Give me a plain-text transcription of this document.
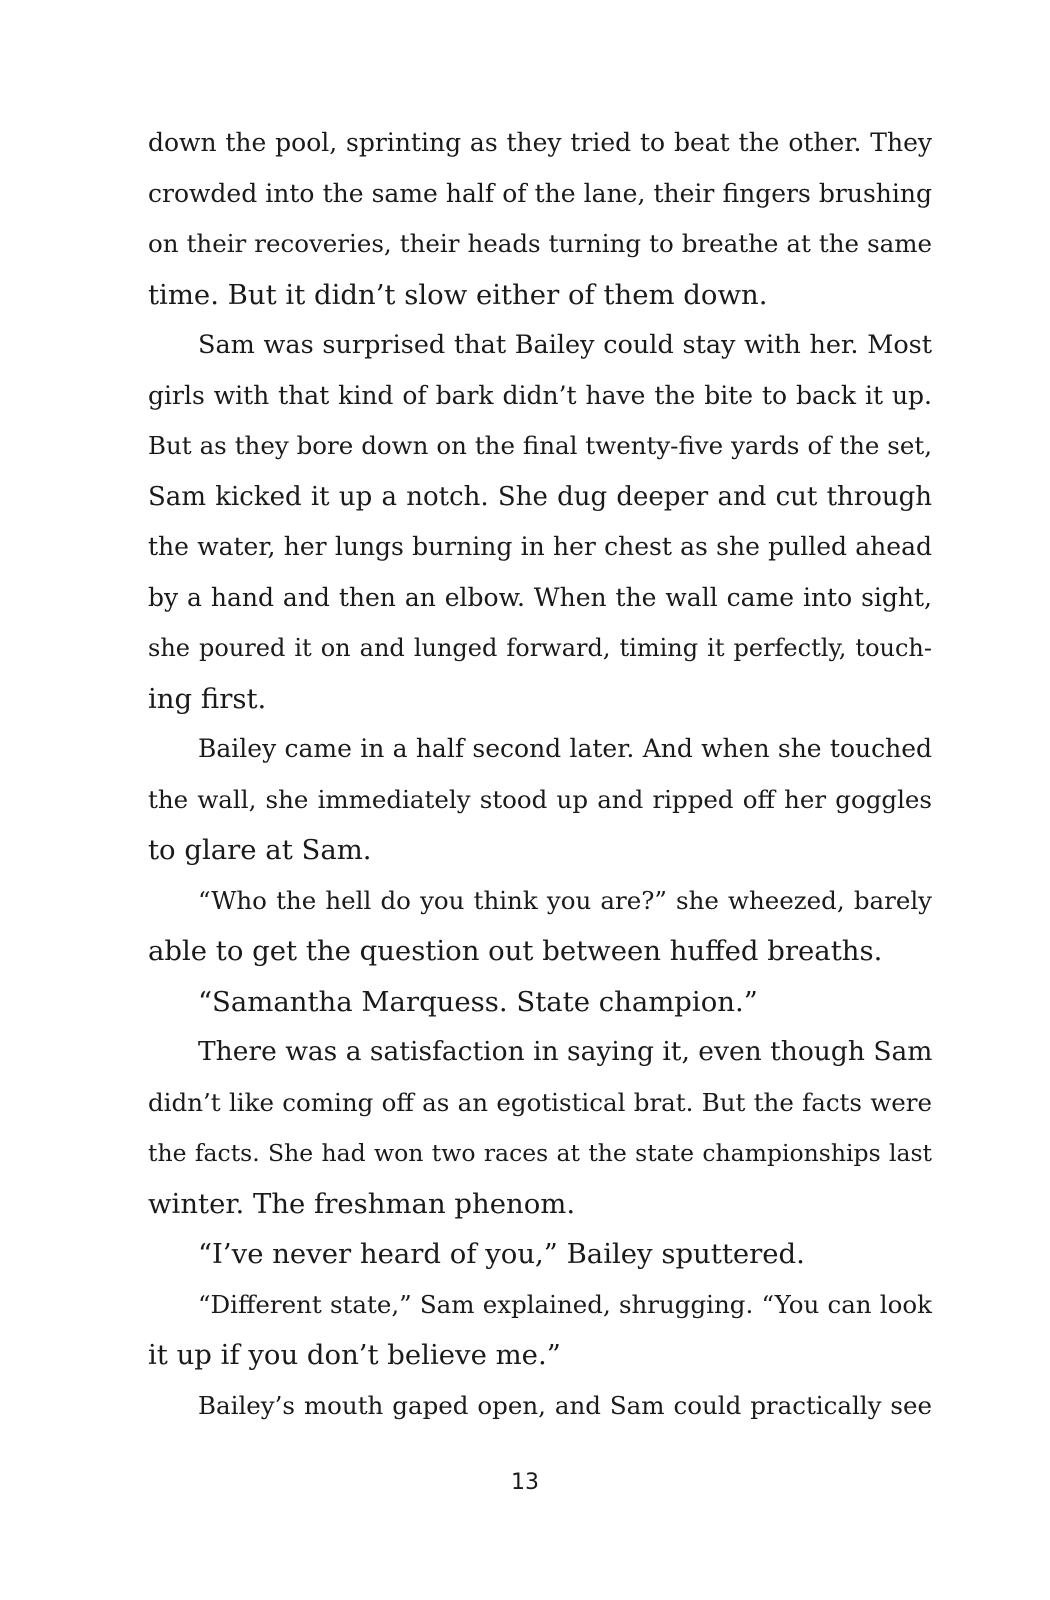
down the pool, sprinting as they tried to beat the other. They
crowded into the same half of the lane, their fingers brushing
on their recoveries, their heads turning to breathe at the same
time. But it didn’t slow either of them down.
Sam was surprised that Bailey could stay with her. Most
girls with that kind of bark didn’t have the bite to back it up.
But as they bore down on the final twenty-five yards of the set,
Sam kicked it up a notch. She dug deeper and cut through
the water, her lungs burning in her chest as she pulled ahead
by a hand and then an elbow. When the wall came into sight,
she poured it on and lunged forward, timing it perfectly, touch-
ing first.
Bailey came in a half second later. And when she touched
the wall, she immediately stood up and ripped off her goggles
to glare at Sam.
“Who the hell do you think you are?” she wheezed, barely
able to get the question out between huffed breaths.
“Samantha Marquess. State champion.”
There was a satisfaction in saying it, even though Sam
didn’t like coming off as an egotistical brat. But the facts were
the facts. She had won two races at the state championships last
winter. The freshman phenom.
“I’ve never heard of you,” Bailey sputtered.
“Different state,” Sam explained, shrugging. “You can look
it up if you don’t believe me.”
Bailey’s mouth gaped open, and Sam could practically see
13
